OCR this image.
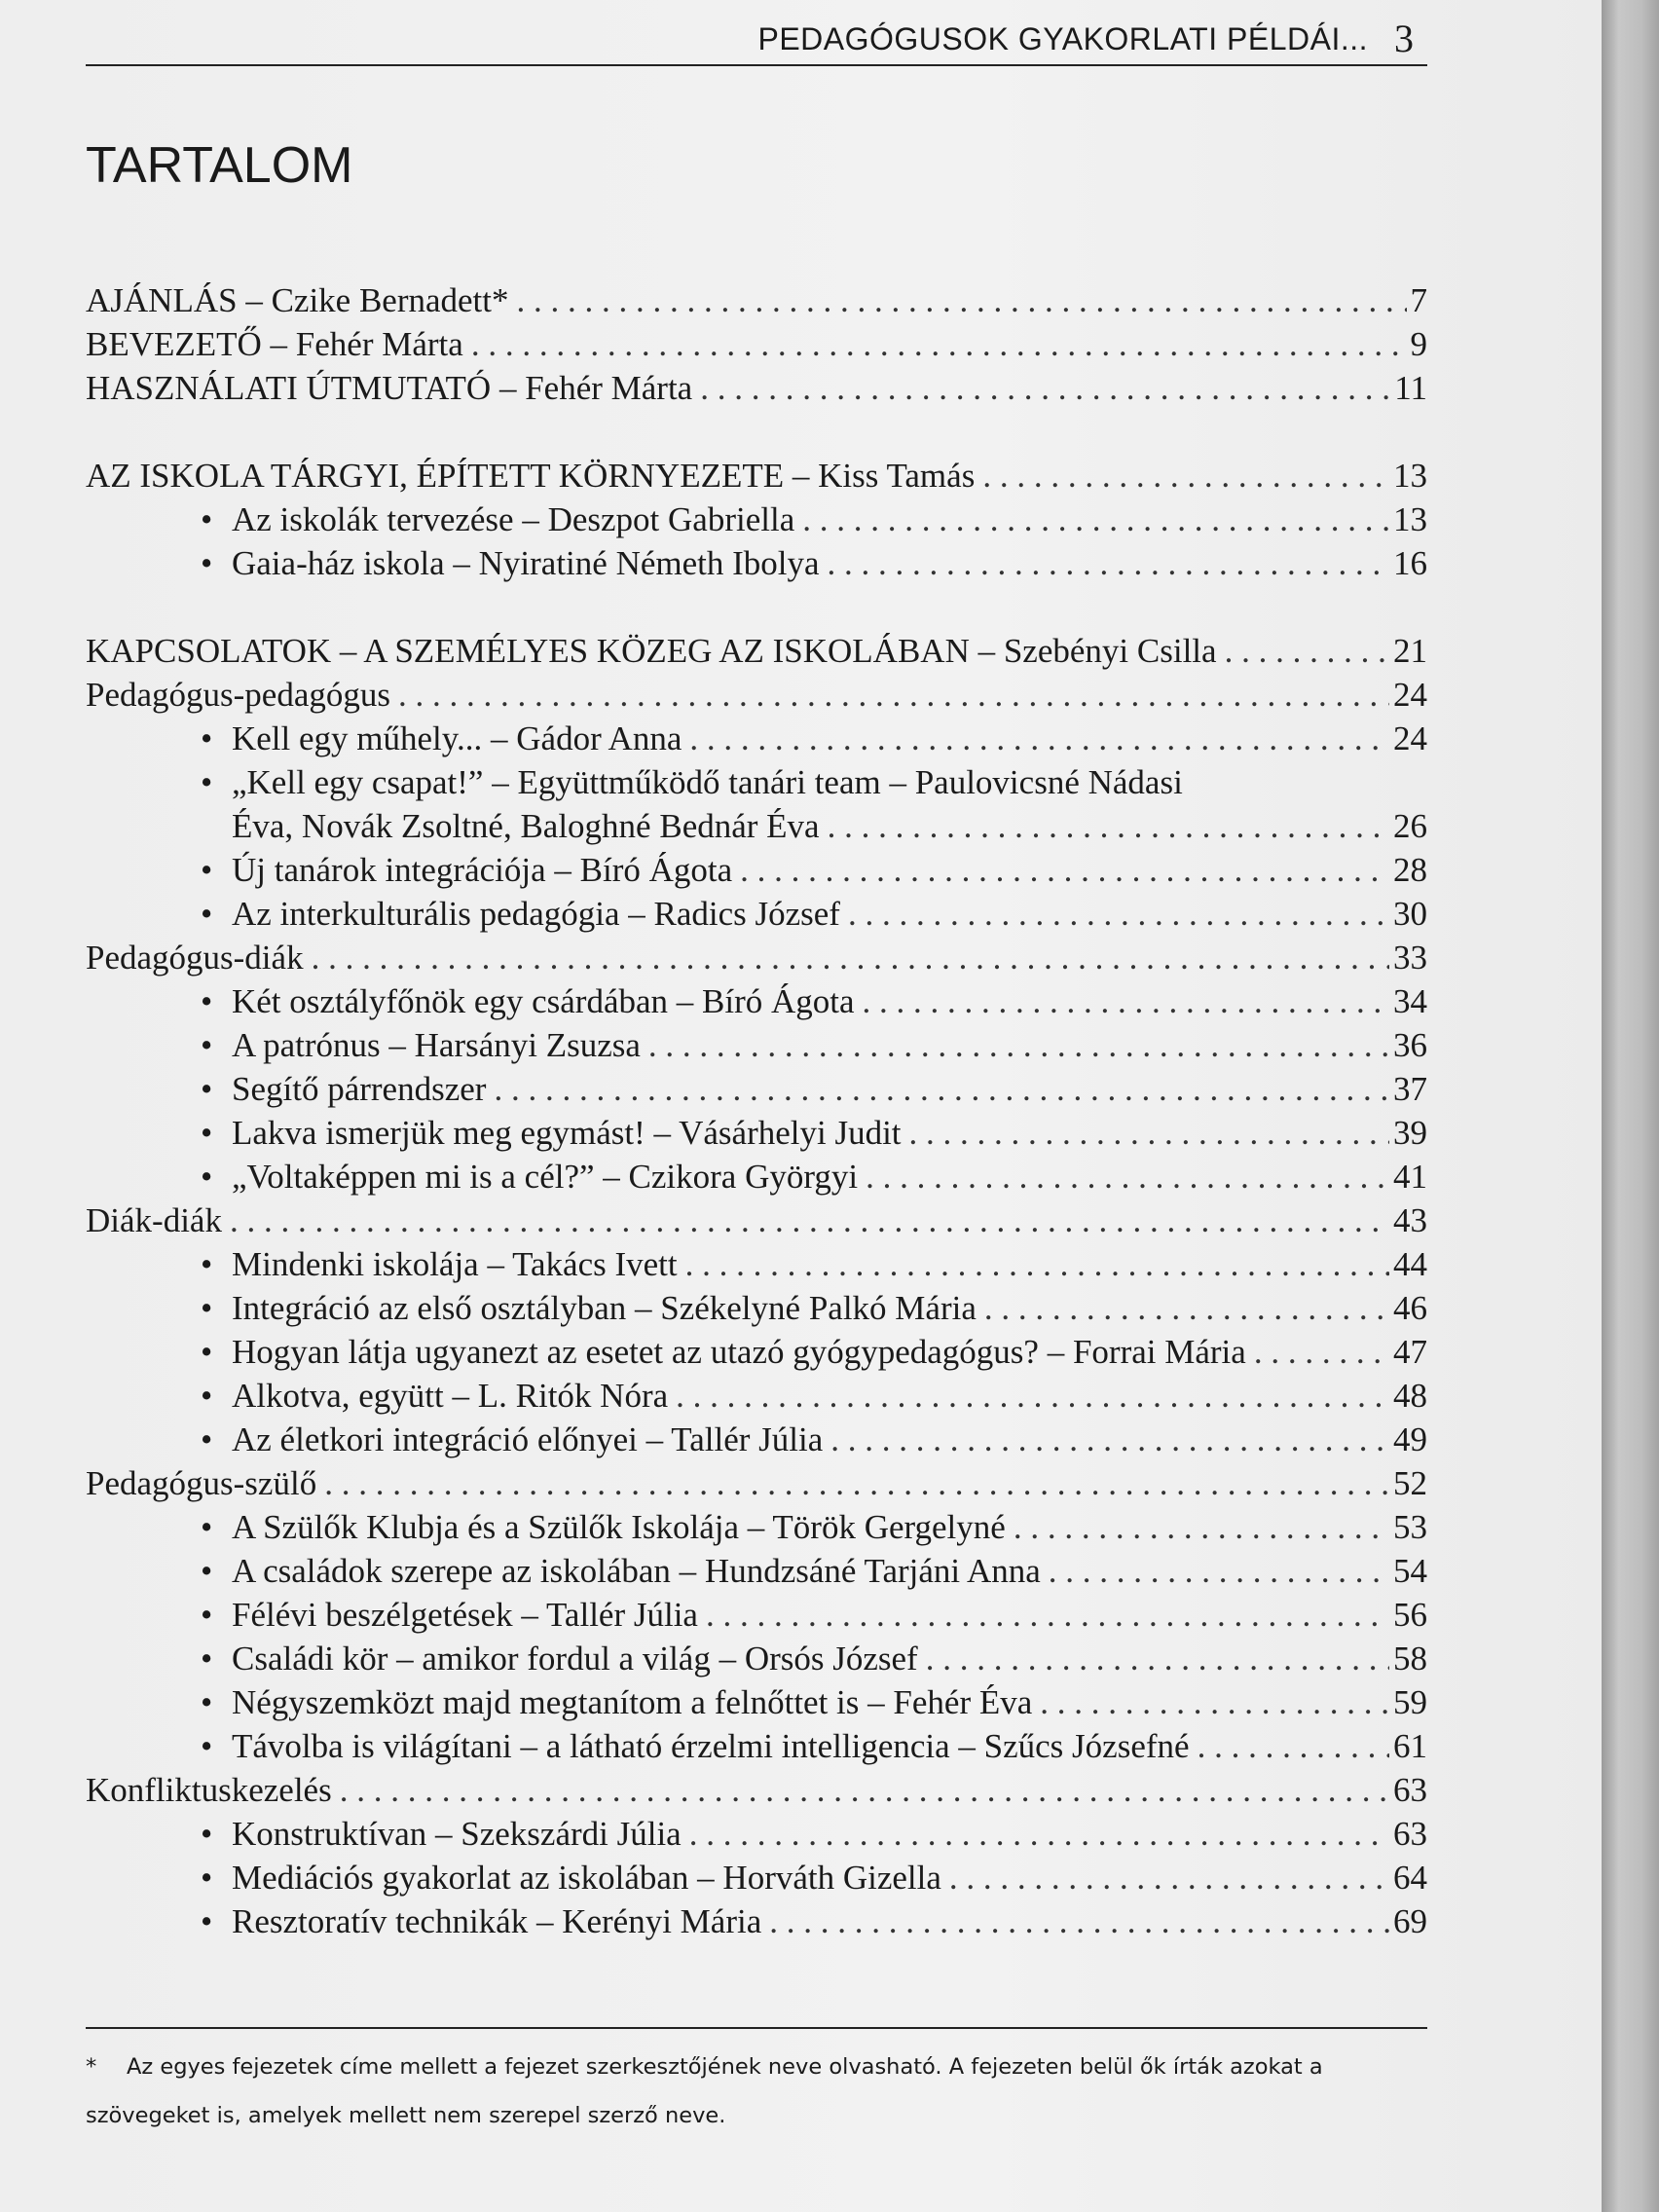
PEDAGÓGUSOK GYAKORLATI PÉLDÁI... 3
TARTALOM
AJÁNLÁS – Czike Bernadett* . . .	7
BEVEZETŐ – Fehér Márta . . .	9
HASZNÁLATI ÚTMUTATÓ – Fehér Márta . . .	11
AZ ISKOLA TÁRGYI, ÉPÍTETT KÖRNYEZETE – Kiss Tamás . . .	13
• Az iskolák tervezése – Deszpot Gabriella . . .	13
• Gaia-ház iskola – Nyiratiné Németh Ibolya . . .	16
KAPCSOLATOK – A SZEMÉLYES KÖZEG AZ ISKOLÁBAN – Szebényi Csilla . . .	21
Pedagógus-pedagógus . . .	24
• Kell egy műhely... – Gádor Anna . . .	24
• „Kell egy csapat!” – Együttműködő tanári team – Paulovicsné Nádasi
Éva, Novák Zsoltné, Baloghné Bednár Éva . . .	26
• Új tanárok integrációja – Bíró Ágota . . .	28
• Az interkulturális pedagógia – Radics József . . .	30
Pedagógus-diák . . .	33
• Két osztályfőnök egy csárdában – Bíró Ágota . . .	34
• A patrónus – Harsányi Zsuzsa . . .	36
• Segítő párrendszer . . .	37
• Lakva ismerjük meg egymást! – Vásárhelyi Judit . . .	39
• „Voltaképpen mi is a cél?” – Czikora Györgyi . . .	41
Diák-diák . . .	43
• Mindenki iskolája – Takács Ivett . . .	44
• Integráció az első osztályban – Székelyné Palkó Mária . . .	46
• Hogyan látja ugyanezt az esetet az utazó gyógypedagógus? – Forrai Mária . . .	47
• Alkotva, együtt – L. Ritók Nóra . . .	48
• Az életkori integráció előnyei – Tallér Júlia . . .	49
Pedagógus-szülő . . .	52
• A Szülők Klubja és a Szülők Iskolája – Török Gergelyné . . .	53
• A családok szerepe az iskolában – Hundzsáné Tarjáni Anna . . .	54
• Félévi beszélgetések – Tallér Júlia . . .	56
• Családi kör – amikor fordul a világ – Orsós József . . .	58
• Négyszemközt majd megtanítom a felnőttet is – Fehér Éva . . .	59
• Távolba is világítani – a látható érzelmi intelligencia – Szűcs Józsefné . . .	61
Konfliktuskezelés . . .	63
• Konstruktívan – Szekszárdi Júlia . . .	63
• Mediációs gyakorlat az iskolában – Horváth Gizella . . .	64
• Resztoratív technikák – Kerényi Mária . . .	69
* Az egyes fejezetek címe mellett a fejezet szerkesztőjének neve olvasható. A fejezeten belül ők írták azokat a szövegeket is, amelyek mellett nem szerepel szerző neve.
